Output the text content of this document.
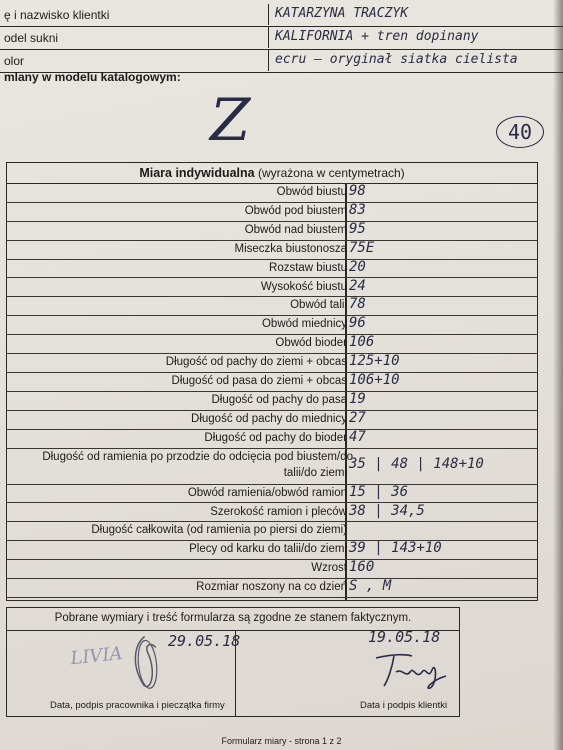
ę i nazwisko klientki	KATARZYNA TRACZYK
odel sukni	KALIFORNIA + tren dopinany
olor	ecru – oryginał siatka cielista
mlany w modelu katalogowym:
Z	40
Miara indywidualna (wyrażona w centymetrach)
Obwód biustu 98
Obwód pod biustem 83
Obwód nad biustem 95
Miseczka biustonosza 75E
Rozstaw biustu 20
Wysokość biustu 24
Obwód talii 78
Obwód miednicy 96
Obwód bioder 106
Długość od pachy do ziemi + obcas 125+10
Długość od pasa do ziemi + obcas 106+10
Długość od pachy do pasa 19
Długość od pachy do miednicy 27
Długość od pachy do bioder 47
Długość od ramienia po przodzie do odcięcia pod biustem/do
talii/do ziemi
35 | 48 | 148+10
Obwód ramienia/obwód ramion 15 | 36
Szerokość ramion i pleców 38 | 34,5
Długość całkowita (od ramienia po piersi do ziemi)
Plecy od karku do talii/do ziemi 39 | 143+10
Wzrost 160
Rozmiar noszony na co dzień S , M
Pobrane wymiary i treść formularza są zgodne ze stanem faktycznym.
LIVIA
29.05.18	19.05.18
Data, podpis pracownika i pieczątka firmy	Data i podpis klientki
Formularz miary - strona 1 z 2
